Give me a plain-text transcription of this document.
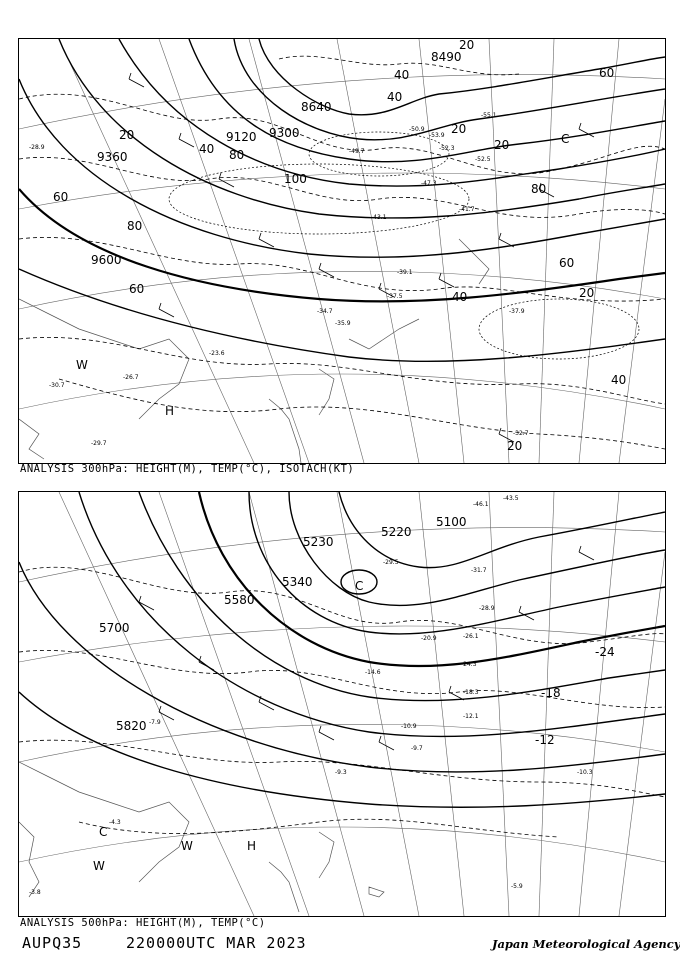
8490
8640
9120 9300
9360
9600
20
40	60
80
100
20
40
60
80
20
40
60
80
20
40
60
20
40
20
-55.1
-52.5
-52.3
-53.9
-50.9
-49.7
-47.3
-41.7
-43.1
-39.1
-37.5
-35.9
-34.7	-37.9
-32.7
-30.7
-29.7
-28.9
-26.7
-23.6
C
W
H
ANALYSIS 300hPa: HEIGHT(M), TEMP(°C), ISOTACH(KT)
5100
5220
5230
5340
5580
5700
5820
-24
-18
-12
-46.1
-43.5
-31.7
-29.5
-28.9
-26.1
-24.3
-20.9
-18.3
-14.6
-12.1
-10.3
-10.9
-9.7
-9.3
-5.9
-4.3
-3.8
-7.9
C
W	H
C
W
ANALYSIS 500hPa: HEIGHT(M), TEMP(°C)
AUPQ35	220000UTC MAR 2023	Japan Meteorological Agency
